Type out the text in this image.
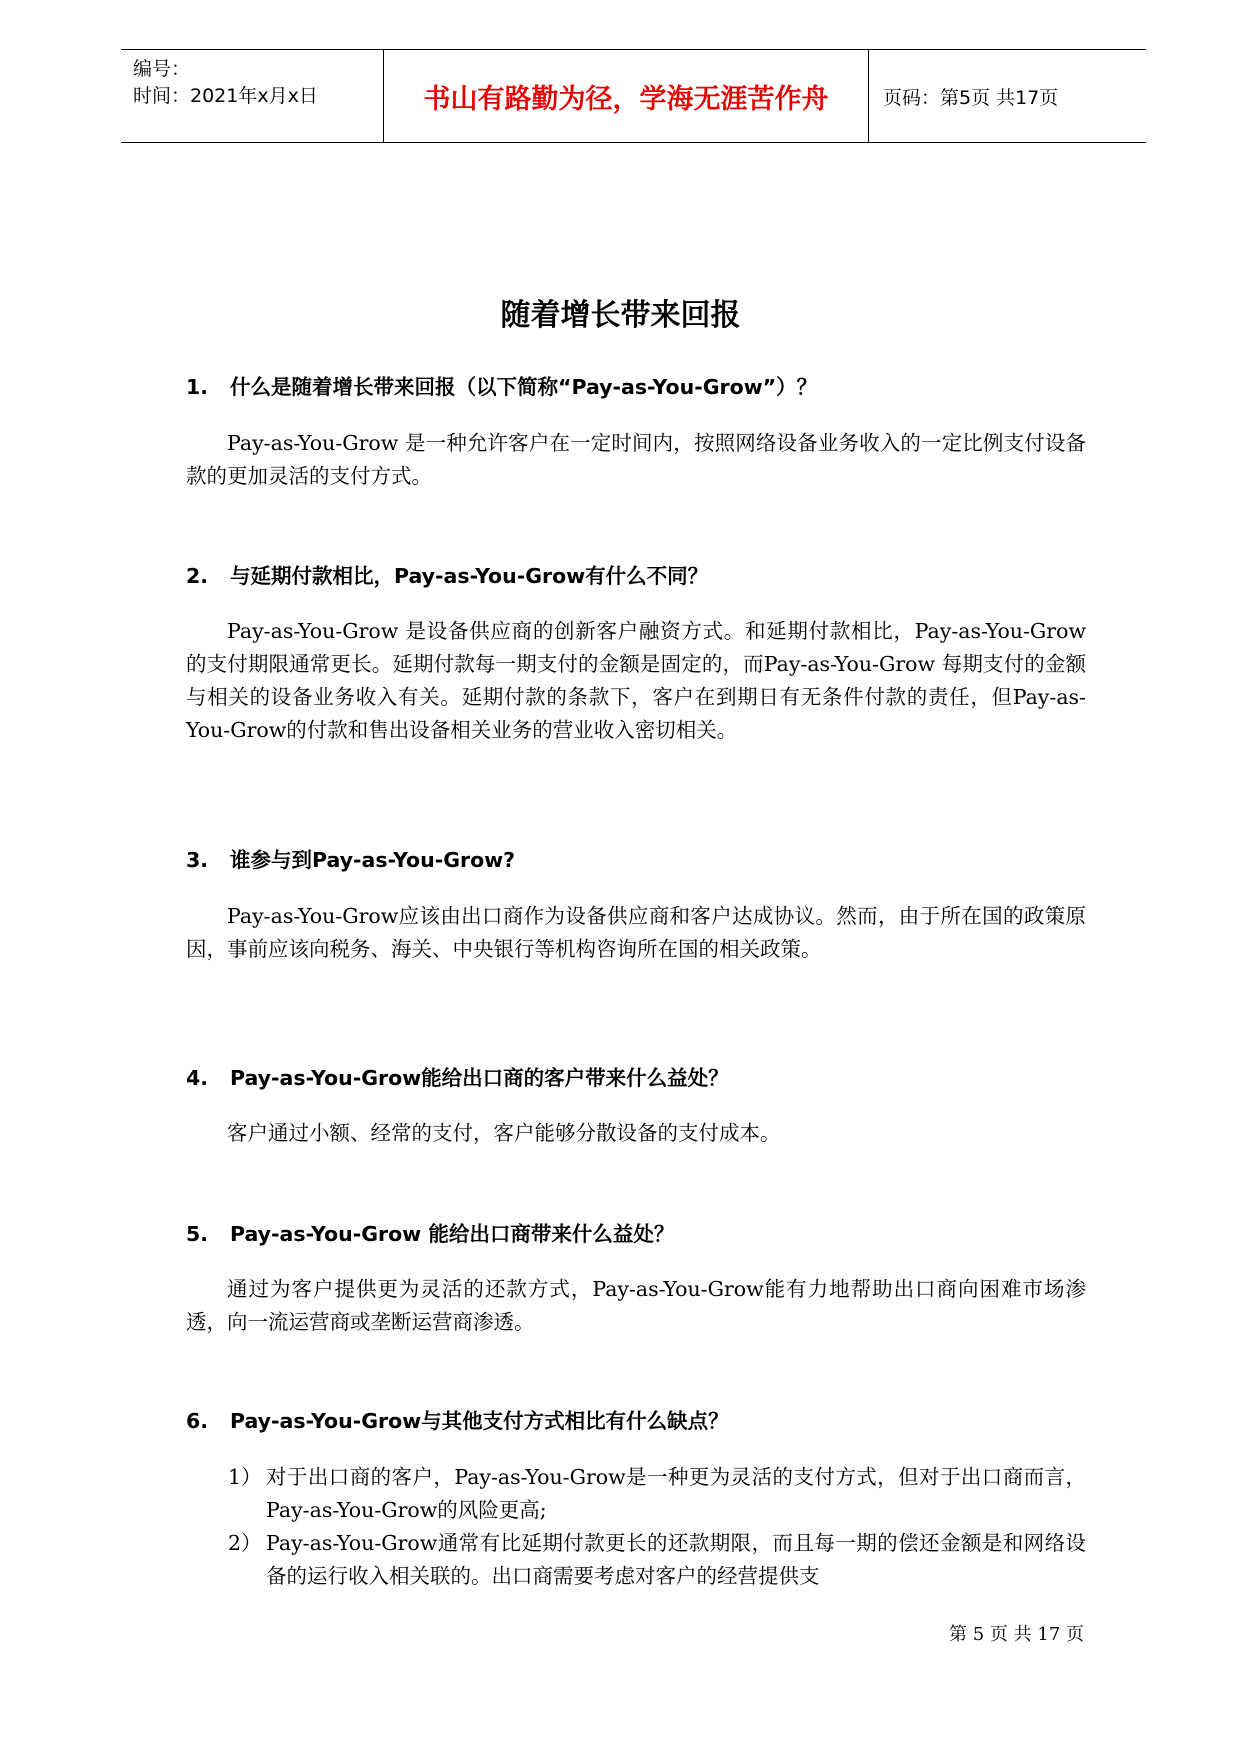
编号：
时间：2021年x月x日	书山有路勤为径，学海无涯苦作舟	页码：第5页 共17页
随着增长带来回报
1. 什么是随着增长带来回报（以下简称“Pay-as-You-Grow”）？
Pay-as-You-Grow 是一种允许客户在一定时间内，按照网络设备业务收入的一定比例支付设备款的更加灵活的支付方式。
2. 与延期付款相比，Pay-as-You-Grow有什么不同？
Pay-as-You-Grow 是设备供应商的创新客户融资方式。和延期付款相比，Pay-as-You-Grow 的支付期限通常更长。延期付款每一期支付的金额是固定的，而Pay-as-You-Grow 每期支付的金额与相关的设备业务收入有关。延期付款的条款下，客户在到期日有无条件付款的责任，但Pay-as-You-Grow的付款和售出设备相关业务的营业收入密切相关。
3. 谁参与到Pay-as-You-Grow?
Pay-as-You-Grow应该由出口商作为设备供应商和客户达成协议。然而，由于所在国的政策原因，事前应该向税务、海关、中央银行等机构咨询所在国的相关政策。
4. Pay-as-You-Grow能给出口商的客户带来什么益处？
客户通过小额、经常的支付，客户能够分散设备的支付成本。
5. Pay-as-You-Grow 能给出口商带来什么益处？
通过为客户提供更为灵活的还款方式，Pay-as-You-Grow能有力地帮助出口商向困难市场渗透，向一流运营商或垄断运营商渗透。
6. Pay-as-You-Grow与其他支付方式相比有什么缺点？
1） 对于出口商的客户，Pay-as-You-Grow是一种更为灵活的支付方式，但对于出口商而言，Pay-as-You-Grow的风险更高;
2） Pay-as-You-Grow通常有比延期付款更长的还款期限，而且每一期的偿还金额是和网络设备的运行收入相关联的。出口商需要考虑对客户的经营提供支
第 5 页 共 17 页
